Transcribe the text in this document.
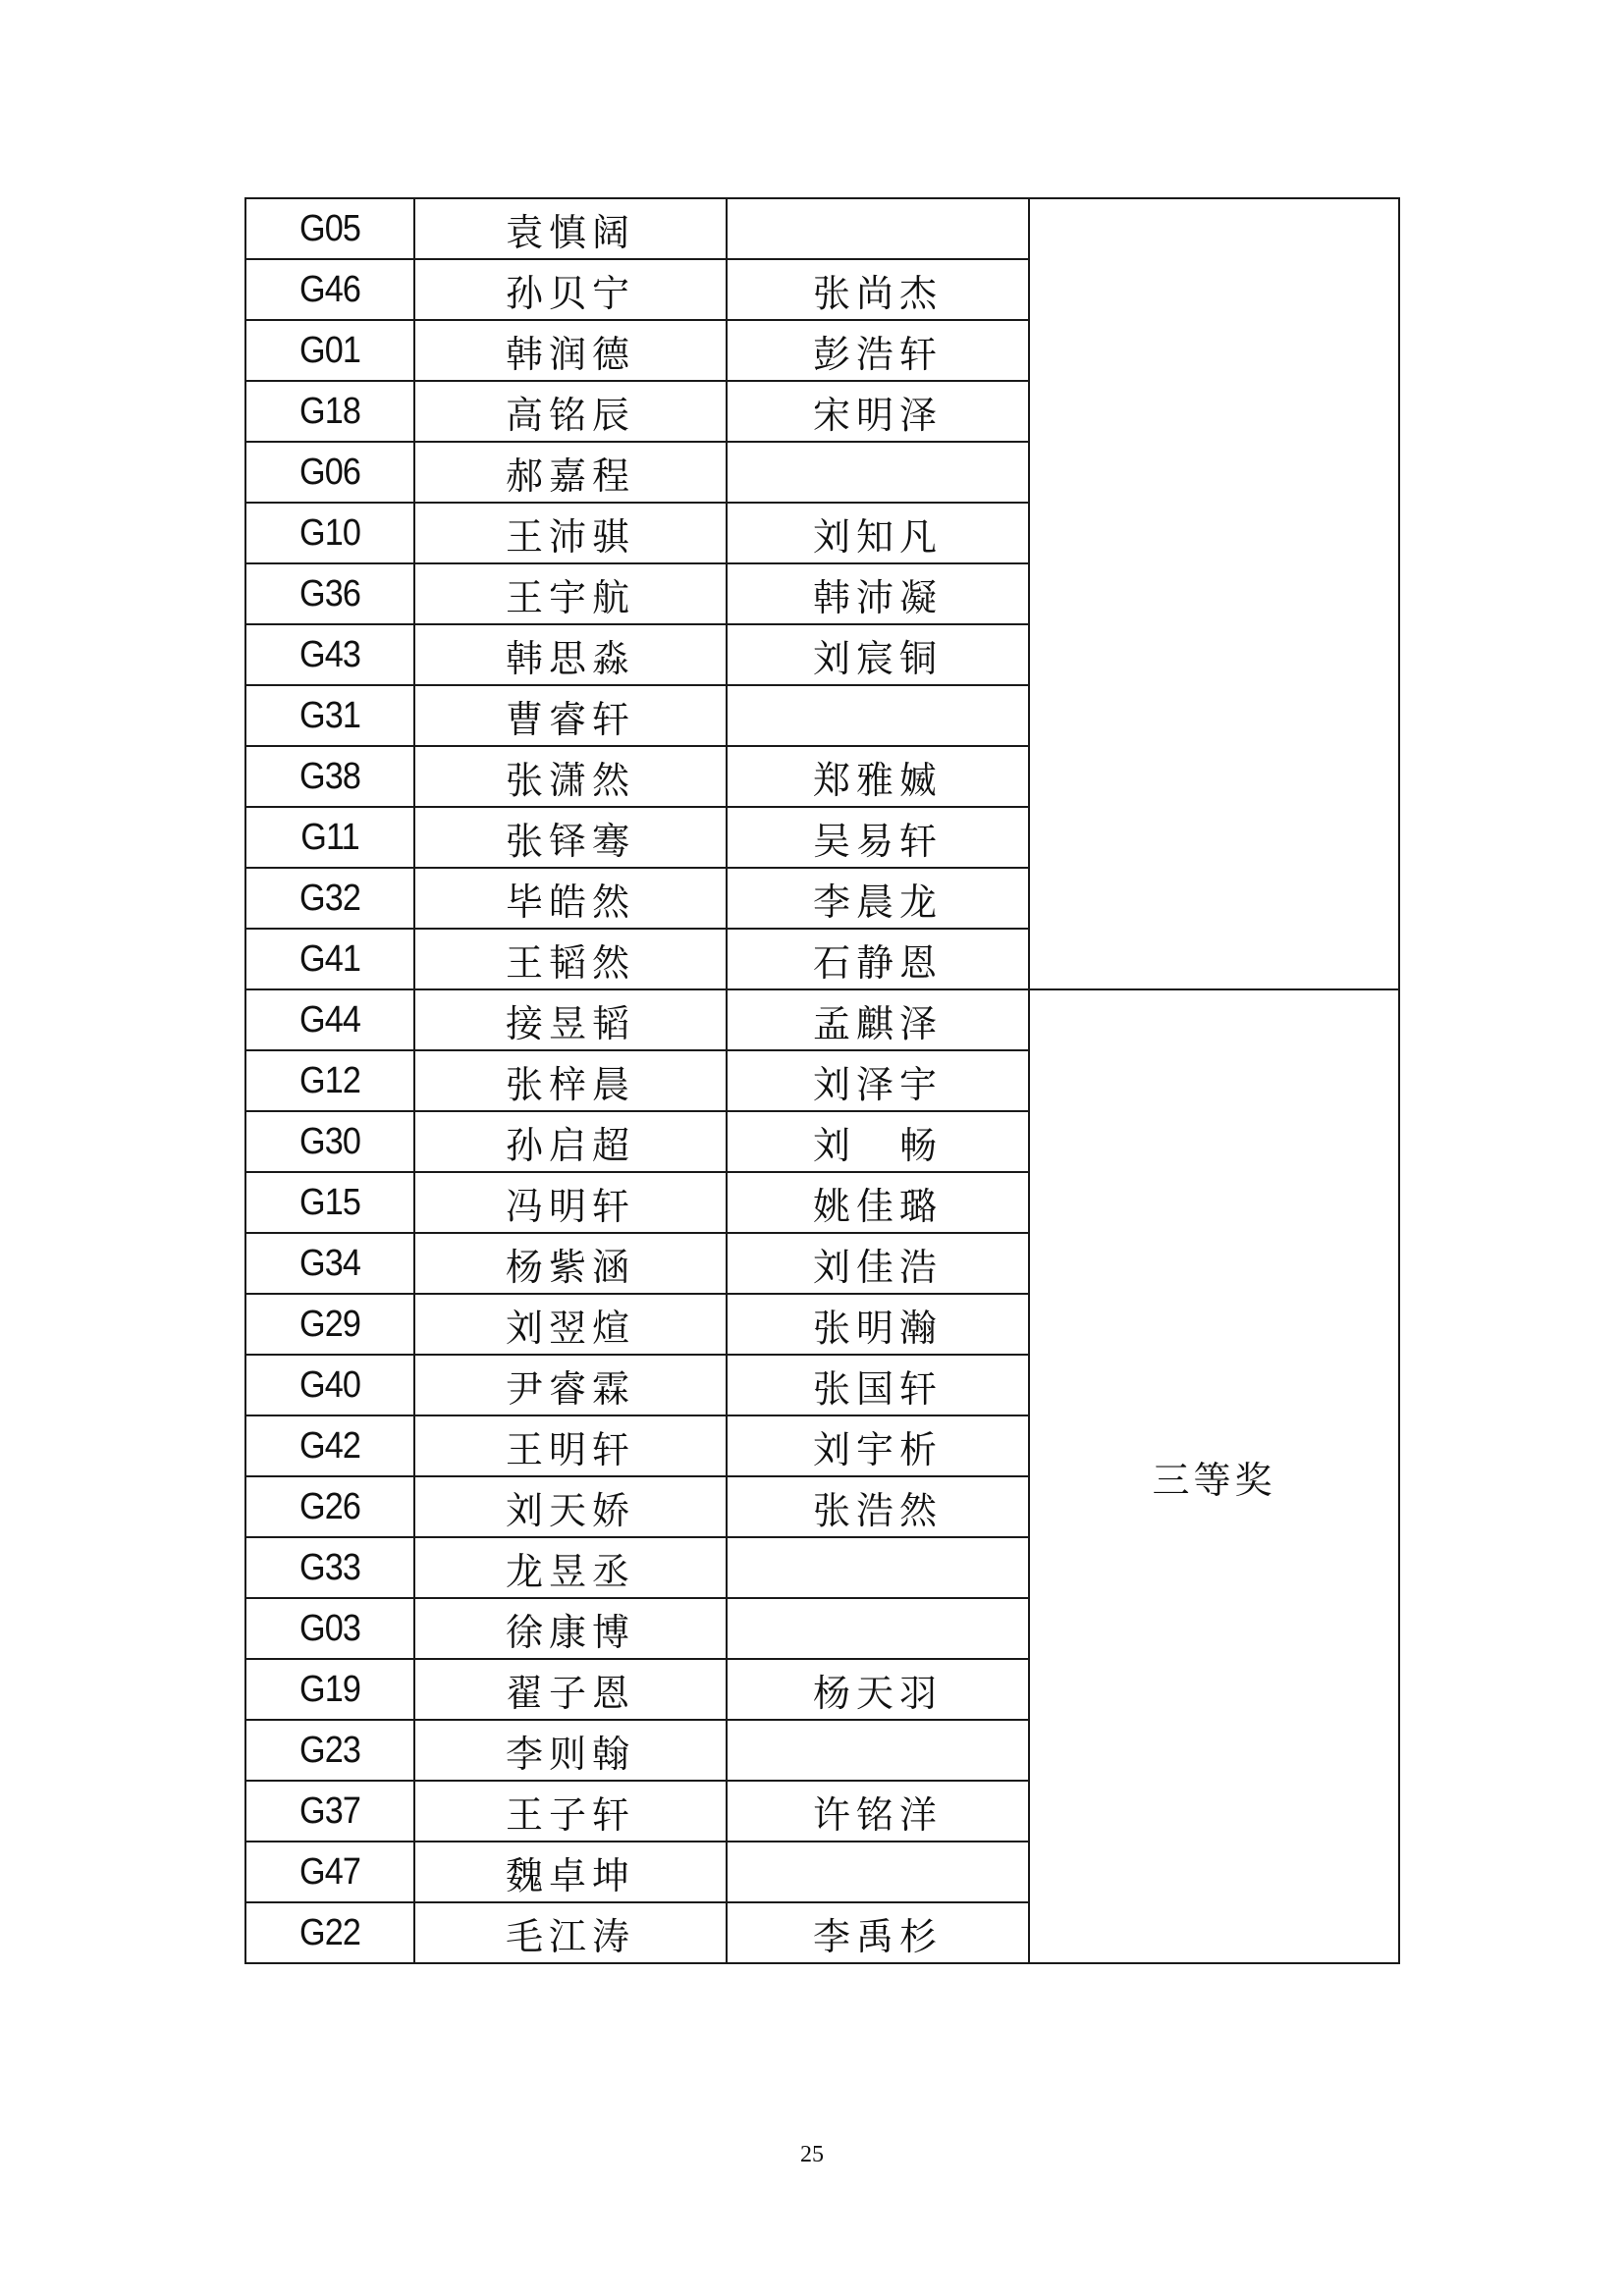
G05	袁慎阔		
G46	孙贝宁	张尚杰	
G01	韩润德	彭浩轩	
G18	高铭辰	宋明泽	
G06	郝嘉程		
G10	王沛骐	刘知凡	
G36	王宇航	韩沛凝	
G43	韩思淼	刘宸铜	
G31	曹睿轩		
G38	张潇然	郑雅媙	
G11	张铎骞	吴易轩	
G32	毕皓然	李晨龙	
G41	王韬然	石静恩	
G44	接昱韬	孟麒泽	三等奖
G12	张梓晨	刘泽宇	
G30	孙启超	刘　畅	
G15	冯明轩	姚佳璐	
G34	杨紫涵	刘佳浩	
G29	刘翌煊	张明瀚	
G40	尹睿霖	张国轩	
G42	王明轩	刘宇析	
G26	刘天娇	张浩然	
G33	龙昱丞		
G03	徐康博		
G19	翟子恩	杨天羽	
G23	李则翰		
G37	王子轩	许铭洋	
G47	魏卓坤		
G22	毛江涛	李禹杉	
25
